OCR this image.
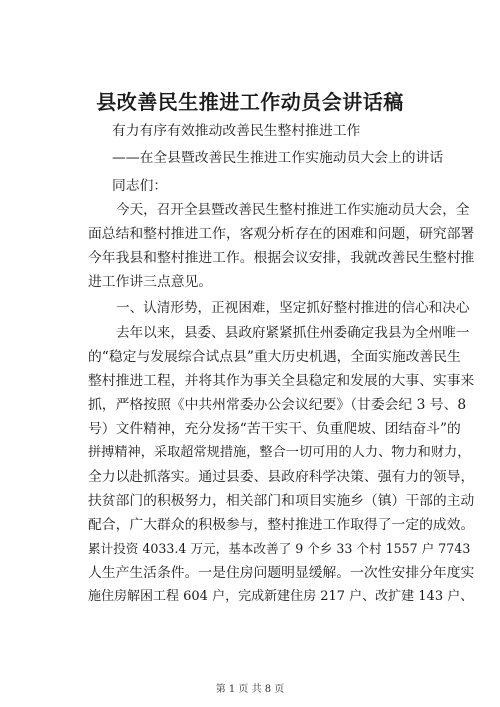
县改善民生推进工作动员会讲话稿
有力有序有效推动改善民生整村推进工作
——在全县暨改善民生推进工作实施动员大会上的讲话
同志们：
今天，召开全县暨改善民生整村推进工作实施动员大会，全
面总结和整村推进工作，客观分析存在的困难和问题，研究部署
今年我县和整村推进工作。根据会议安排，我就改善民生整村推
进工作讲三点意见。
一、认清形势，正视困难，坚定抓好整村推进的信心和决心
去年以来，县委、县政府紧紧抓住州委确定我县为全州唯一
的“稳定与发展综合试点县”重大历史机遇，全面实施改善民生
整村推进工程，并将其作为事关全县稳定和发展的大事、实事来
抓，严格按照《中共州常委办公会议纪要》（甘委会纪 3 号、8
号）文件精神，充分发扬“苦干实干、负重爬坡、团结奋斗”的
拼搏精神，采取超常规措施，整合一切可用的人力、物力和财力，
全力以赴抓落实。通过县委、县政府科学决策、强有力的领导，
扶贫部门的积极努力，相关部门和项目实施乡（镇）干部的主动
配合，广大群众的积极参与，整村推进工作取得了一定的成效。
累计投资 4033.4 万元，基本改善了 9 个乡 33 个村 1557 户 7743
人生产生活条件。一是住房问题明显缓解。一次性安排分年度实
施住房解困工程 604 户，完成新建住房 217 户、改扩建 143 户、
第 1 页 共 8 页
